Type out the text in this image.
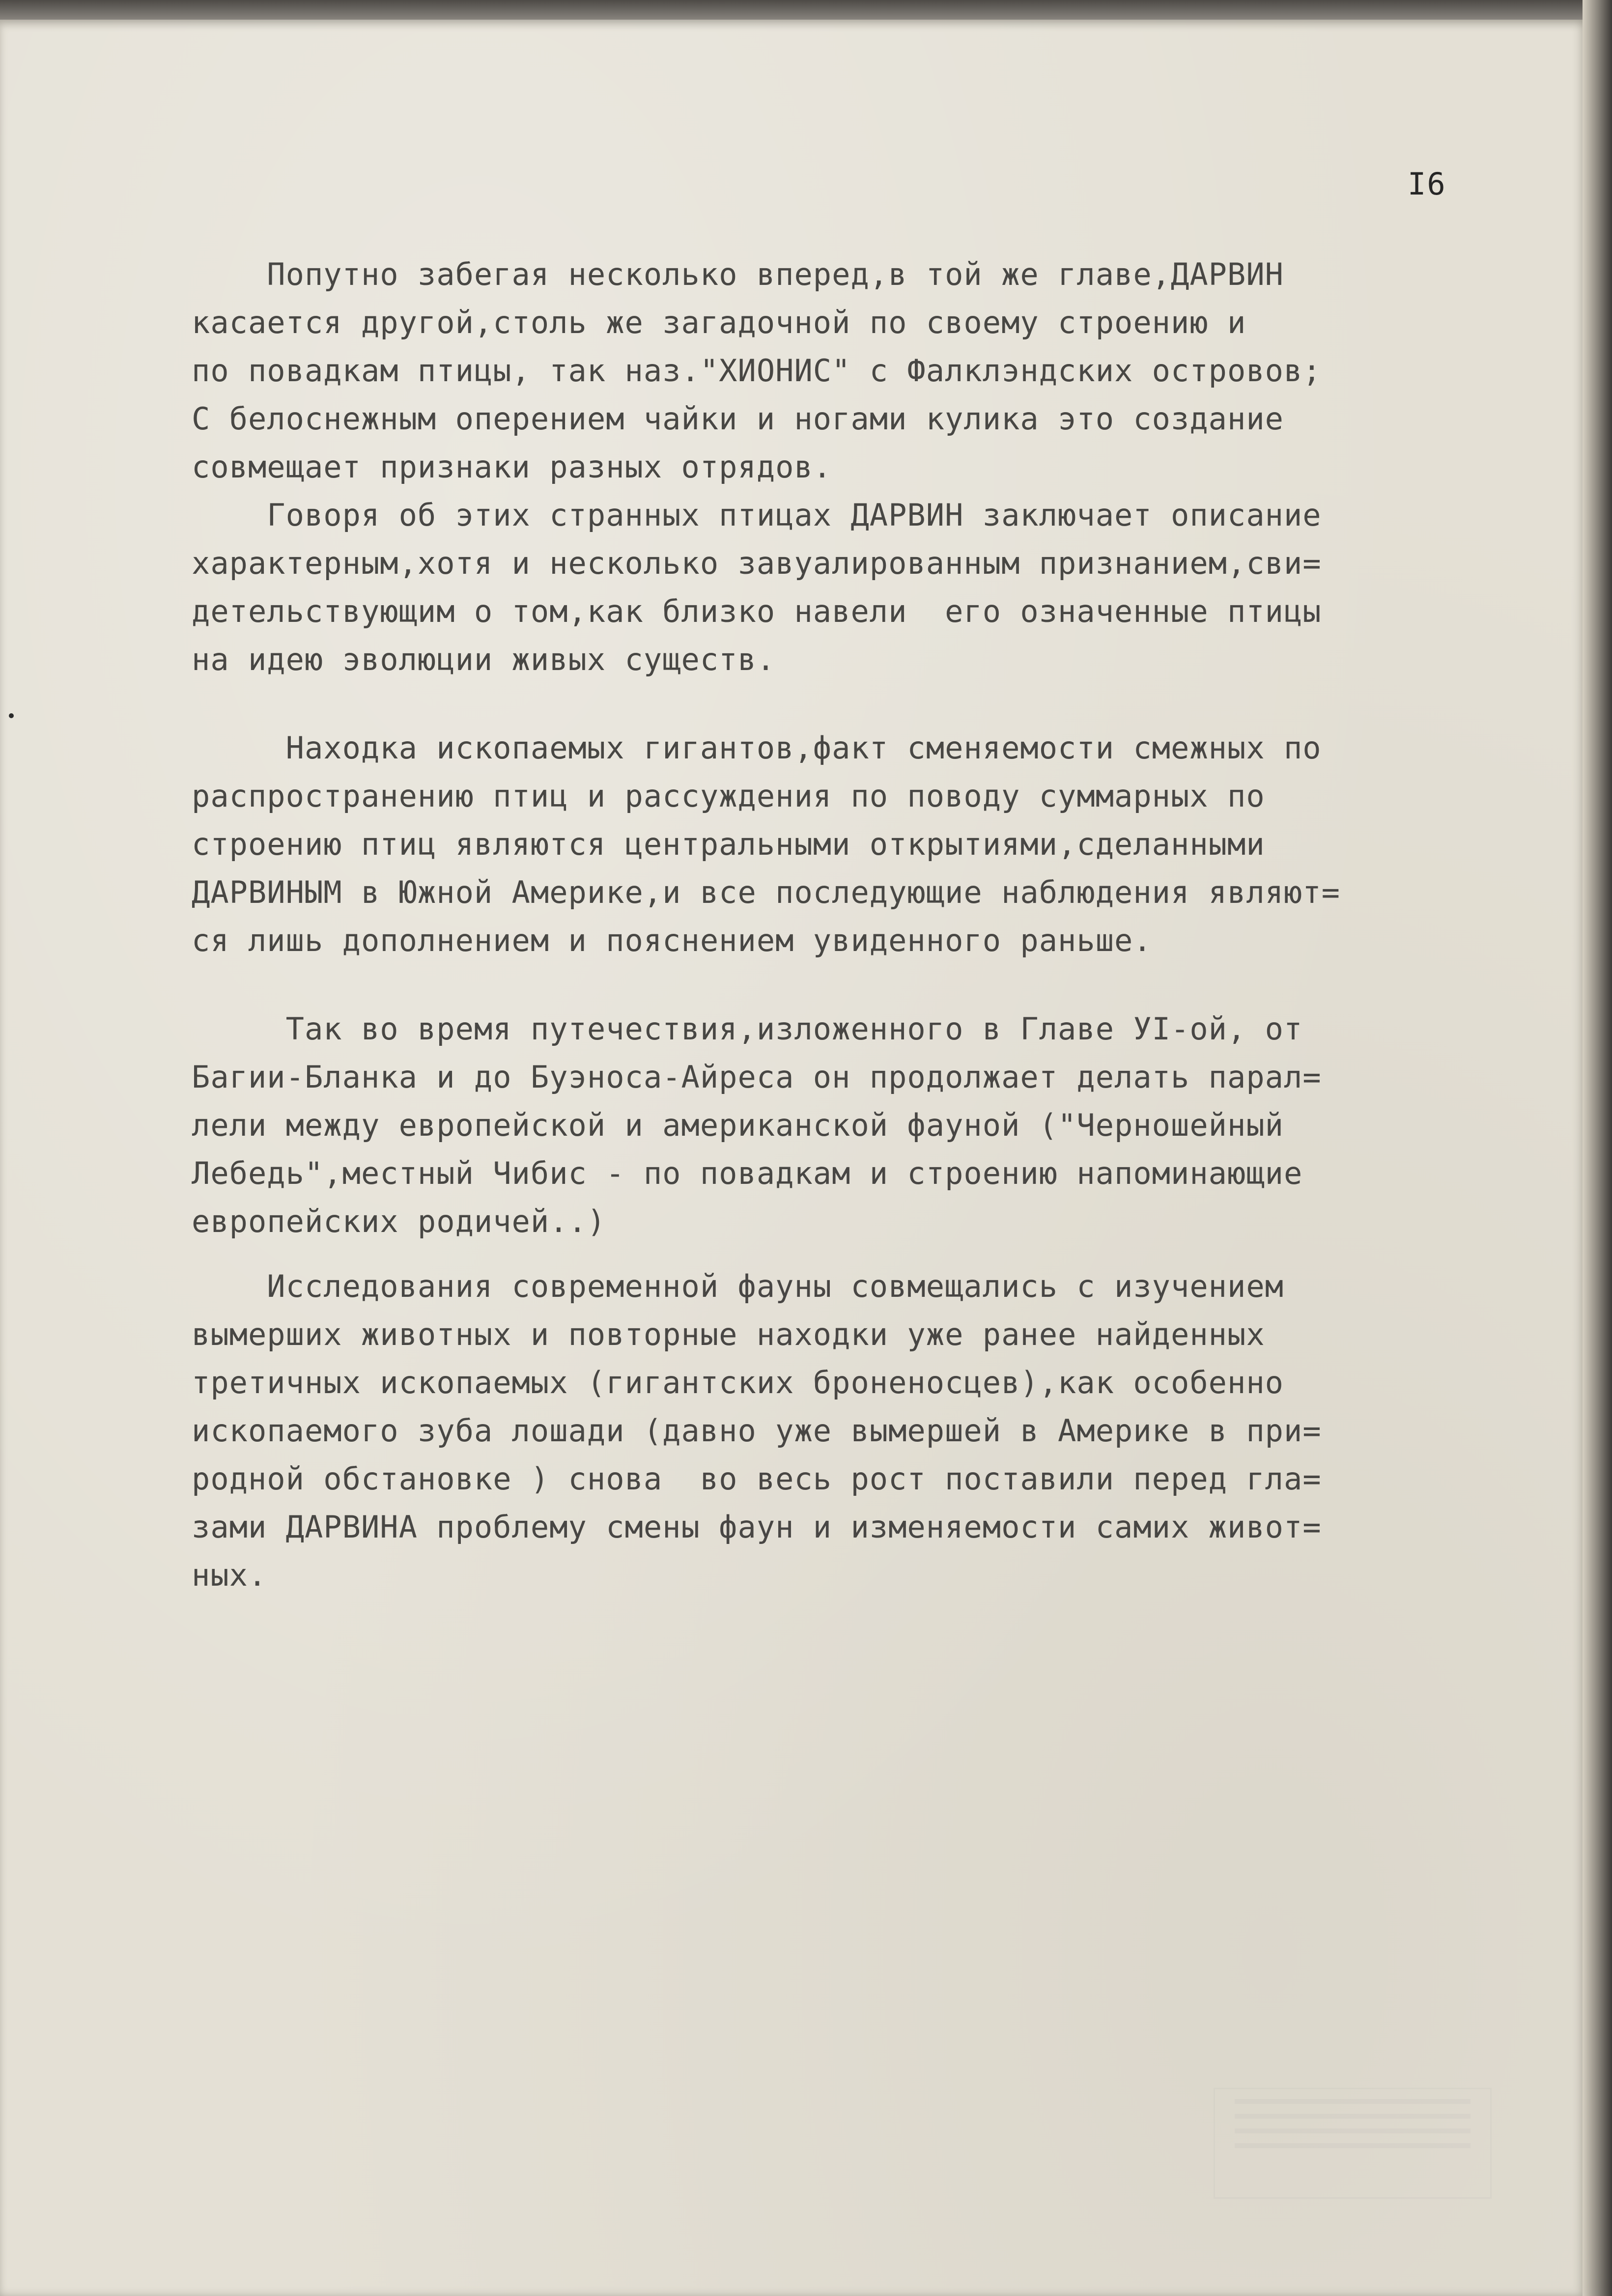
I6
Попутно забегая несколько вперед,в той же главе,ДАРВИН
касается другой,столь же загадочной по своему строению и
по повадкам птицы, так наз."ХИОНИС" с Фалклэндских островов;
С белоснежным оперением чайки и ногами кулика это создание
совмещает признаки разных отрядов.
Говоря об этих странных птицах ДАРВИН заключает описание
характерным,хотя и несколько завуалированным признанием,сви=
детельствующим о том,как близко навели  его означенные птицы
на идею эволюции живых существ.
Находка ископаемых гигантов,факт сменяемости смежных по
распространению птиц и рассуждения по поводу суммарных по
строению птиц являются центральными открытиями,сделанными
ДАРВИНЫМ в Южной Америке,и все последующие наблюдения являют=
ся лишь дополнением и пояснением увиденного раньше.
Так во время путечествия,изложенного в Главе УI-ой, от
Багии-Бланка и до Буэноса-Айреса он продолжает делать парал=
лели между европейской и американской фауной ("Черношейный
Лебедь",местный Чибис - по повадкам и строению напоминающие
европейских родичей..)
Исследования современной фауны совмещались с изучением
вымерших животных и повторные находки уже ранее найденных
третичных ископаемых (гигантских броненосцев),как особенно
ископаемого зуба лошади (давно уже вымершей в Америке в при=
родной обстановке ) снова  во весь рост поставили перед гла=
зами ДАРВИНА проблему смены фаун и изменяемости самих живот=
ных.
